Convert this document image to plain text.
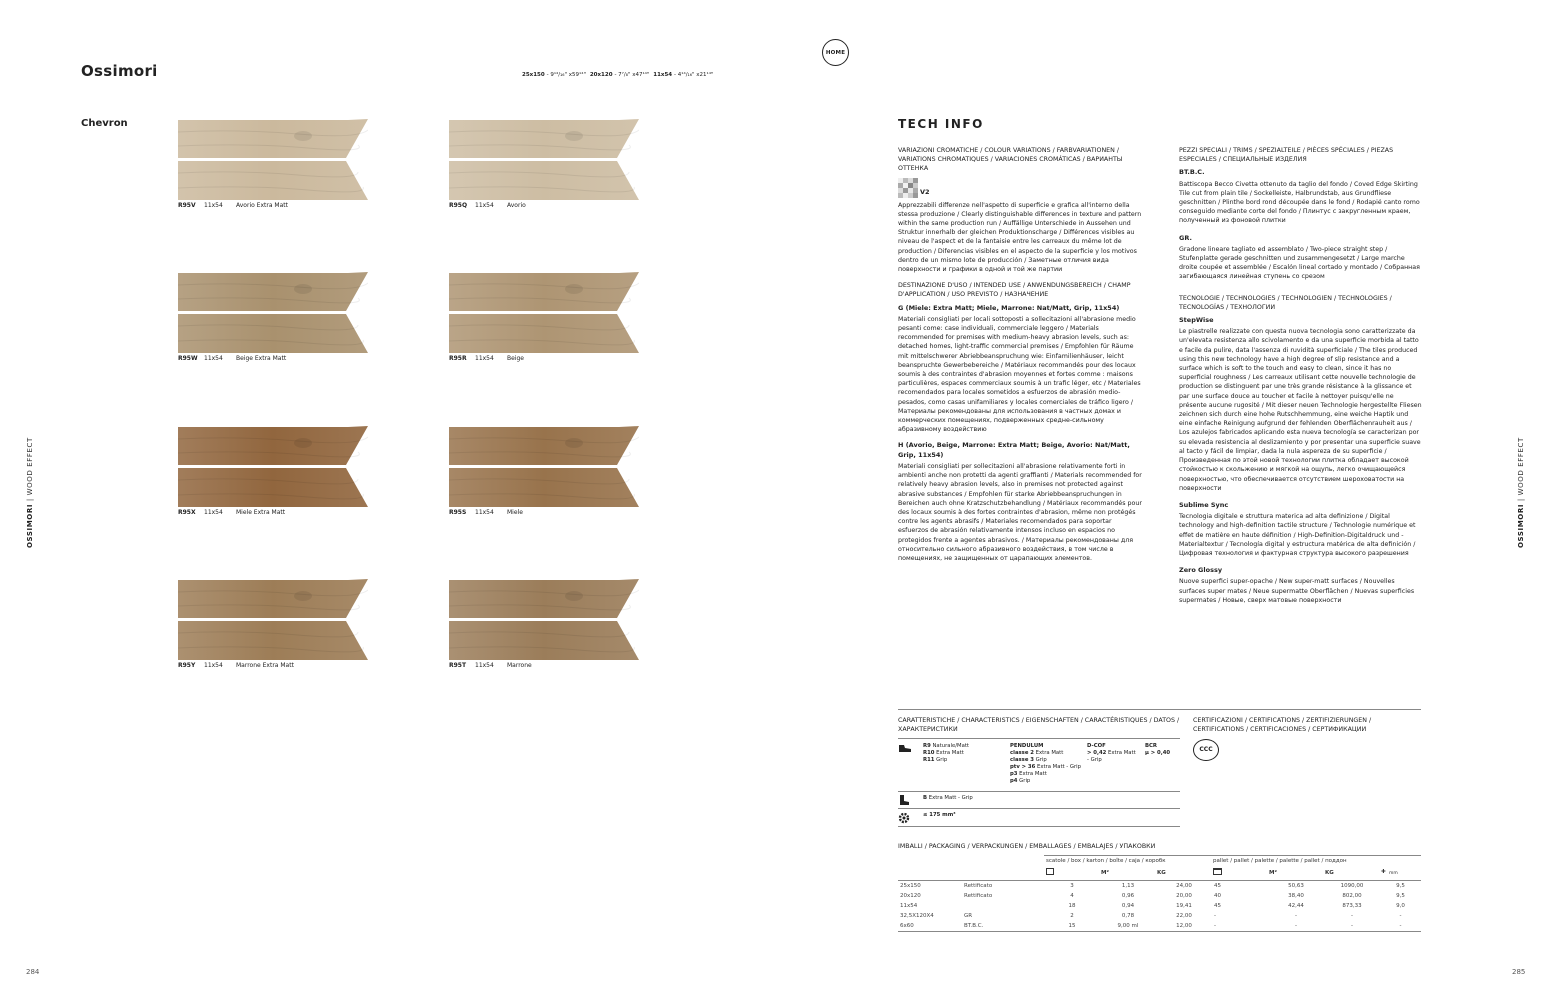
HOME
Ossimori	25x150 - 9¹⁴/₁₆" x59¹⁴" 20x120 - 7⁷/₈" x47¹⁴" 11x54 - 4¹⁴/₁₆" x21¹⁴"
Chevron
OSSIMORI | WOOD EFFECT
OSSIMORI | WOOD EFFECT
284	285
R95V	11x54	Avorio Extra Matt	R95Q	11x54	Avorio
R95W	11x54	Beige Extra Matt	R95R	11x54	Beige
R95X	11x54	Miele Extra Matt	R95S	11x54	Miele
R95Y	11x54	Marrone Extra Matt	R95T	11x54	Marrone
TECH INFO
VARIAZIONI CROMATICHE / COLOUR VARIATIONS / FARBVARIATIONEN / VARIATIONS CHROMATIQUES / VARIACIONES CROMÁTICAS / ВАРИАНТЫ ОТТЕНКА
V2

Apprezzabili differenze nell'aspetto di superficie e grafica all'interno della stessa produzione / Clearly distinguishable differences in texture and pattern within the same production run / Auffällige Unterschiede in Aussehen und Struktur innerhalb der gleichen Produktionscharge / Différences visibles au niveau de l'aspect et de la fantaisie entre les carreaux du même lot de production / Diferencias visibles en el aspecto de la superficie y los motivos dentro de un mismo lote de producción / Заметные отличия вида поверхности и графики в одной и той же партии

DESTINAZIONE D'USO / INTENDED USE / ANWENDUNGSBEREICH / CHAMP D'APPLICATION / USO PREVISTO / НАЗНАЧЕНИЕ
G (Miele: Extra Matt; Miele, Marrone: Nat/Matt, Grip, 11x54)

Materiali consigliati per locali sottoposti a sollecitazioni all'abrasione medio pesanti come: case individuali, commerciale leggero / Materials recommended for premises with medium-heavy abrasion levels, such as: detached homes, light-traffic commercial premises / Empfohlen für Räume mit mittelschwerer Abriebbeanspruchung wie: Einfamilienhäuser, leicht beanspruchte Gewerbebereiche / Matériaux recommandés pour des locaux soumis à des contraintes d'abrasion moyennes et fortes comme : maisons particulières, espaces commerciaux soumis à un trafic léger, etc / Materiales recomendados para locales sometidos a esfuerzos de abrasión medio-pesados, como casas unifamiliares y locales comerciales de tráfico ligero / Материалы рекомендованы для использования в частных домах и коммерческих помещениях, подверженных средне-сильному абразивному воздействию

H (Avorio, Beige, Marrone: Extra Matt; Beige, Avorio: Nat/Matt, Grip, 11x54)

Materiali consigliati per sollecitazioni all'abrasione relativamente forti in ambienti anche non protetti da agenti graffianti / Materials recommended for relatively heavy abrasion levels, also in premises not protected against abrasive substances / Empfohlen für starke Abriebbeanspruchungen in Bereichen auch ohne Kratzschutzbehandlung / Matériaux recommandés pour des locaux soumis à des fortes contraintes d'abrasion, même non protégés contre les agents abrasifs / Materiales recomendados para soportar esfuerzos de abrasión relativamente intensos incluso en espacios no protegidos frente a agentes abrasivos. / Материалы рекомендованы для относительно сильного абразивного воздействия, в том числе в помещениях, не защищенных от царапающих элементов.

PEZZI SPECIALI / TRIMS / SPEZIALTEILE / PIÈCES SPÉCIALES / PIEZAS ESPECIALES / СПЕЦИАЛЬНЫЕ ИЗДЕЛИЯ
BT.B.C.

Battiscopa Becco Civetta ottenuto da taglio del fondo / Coved Edge Skirting Tile cut from plain tile / Sockelleiste, Halbrundstab, aus Grundfliese geschnitten / Plinthe bord rond découpée dans le fond / Rodapié canto romo conseguido mediante corte del fondo / Плинтус с закругленным краем, полученный из фоновой плитки

GR.

Gradone lineare tagliato ed assemblato / Two-piece straight step / Stufenplatte gerade geschnitten und zusammengesetzt / Large marche droite coupée et assemblée / Escalón lineal cortado y montado / Собранная загибающаяся линейная ступень со срезом

TECNOLOGIE / TECHNOLOGIES / TECHNOLOGIEN / TECHNOLOGIES / TECNOLOGÍAS / ТЕХНОЛОГИИ
StepWise

Le piastrelle realizzate con questa nuova tecnologia sono caratterizzate da un'elevata resistenza allo scivolamento e da una superficie morbida al tatto e facile da pulire, data l'assenza di ruvidità superficiale / The tiles produced using this new technology have a high degree of slip resistance and a surface which is soft to the touch and easy to clean, since it has no superficial roughness / Les carreaux utilisant cette nouvelle technologie de production se distinguent par une très grande résistance à la glissance et par une surface douce au toucher et facile à nettoyer puisqu'elle ne présente aucune rugosité / Mit dieser neuen Technologie hergestellte Fliesen zeichnen sich durch eine hohe Rutschhemmung, eine weiche Haptik und eine einfache Reinigung aufgrund der fehlenden Oberflächenrauheit aus / Los azulejos fabricados aplicando esta nueva tecnología se caracterizan por su elevada resistencia al deslizamiento y por presentar una superficie suave al tacto y fácil de limpiar, dada la nula aspereza de su superficie / Произведенная по этой новой технологии плитка обладает высокой стойкостью к скольжению и мягкой на ощупь, легко очищающейся поверхностью, что обеспечивается отсутствием шероховатости на поверхности

Sublime Sync

Tecnologia digitale e struttura materica ad alta definizione / Digital technology and high-definition tactile structure / Technologie numérique et effet de matière en haute définition / High-Definition-Digitaldruck und -Materialtextur / Tecnología digital y estructura matérica de alta definición / Цифровая технология и фактурная структура высокого разрешения

Zero Glossy

Nuove superfici super-opache / New super-matt surfaces / Nouvelles surfaces super mates / Neue supermatte Oberflächen / Nuevas superficies supermates / Новые, сверх матовые поверхности

CARATTERISTICHE / CHARACTERISTICS / EIGENSCHAFTEN / CARACTÉRISTIQUES / DATOS / ХАРАКТЕРИСТИКИ
R9 Naturale/Matt
R10 Extra Matt
R11 Grip
PENDULUM
classe 2 Extra Matt
classe 3 Grip
ptv > 36 Extra Matt - Grip
p3 Extra Matt
p4 Grip
D-COF
> 0,42 Extra Matt
- Grip
BCR
µ > 0,40
B Extra Matt - Grip
≤ 175 mm³
CERTIFICAZIONI / CERTIFICATIONS / ZERTIFIZIERUNGEN / CERTIFICATIONS / CERTIFICACIONES / СЕРТИФИКАЦИИ
CCC
IMBALLI / PACKAGING / VERPACKUNGEN / EMBALLAGES / EMBALAJES / УПАКОВКИ
scatole / box / karton / boîte / caja / коробк	pallet / pallet / palette / palette / pallet / поддон
M²	KG	M²	KG	✚ mm
25x150	Rettificato	3	1,13	24,00	45	50,63	1090,00	9,5
20x120	Rettificato	4	0,96	20,00	40	38,40	802,00	9,5
11x54		18	0,94	19,41	45	42,44	873,33	9,0
32,5X120X4	GR	2	0,78	22,00	-	-	-	-
6x60	BT.B.C.	15	9,00 ml	12,00	-	-	-	-
